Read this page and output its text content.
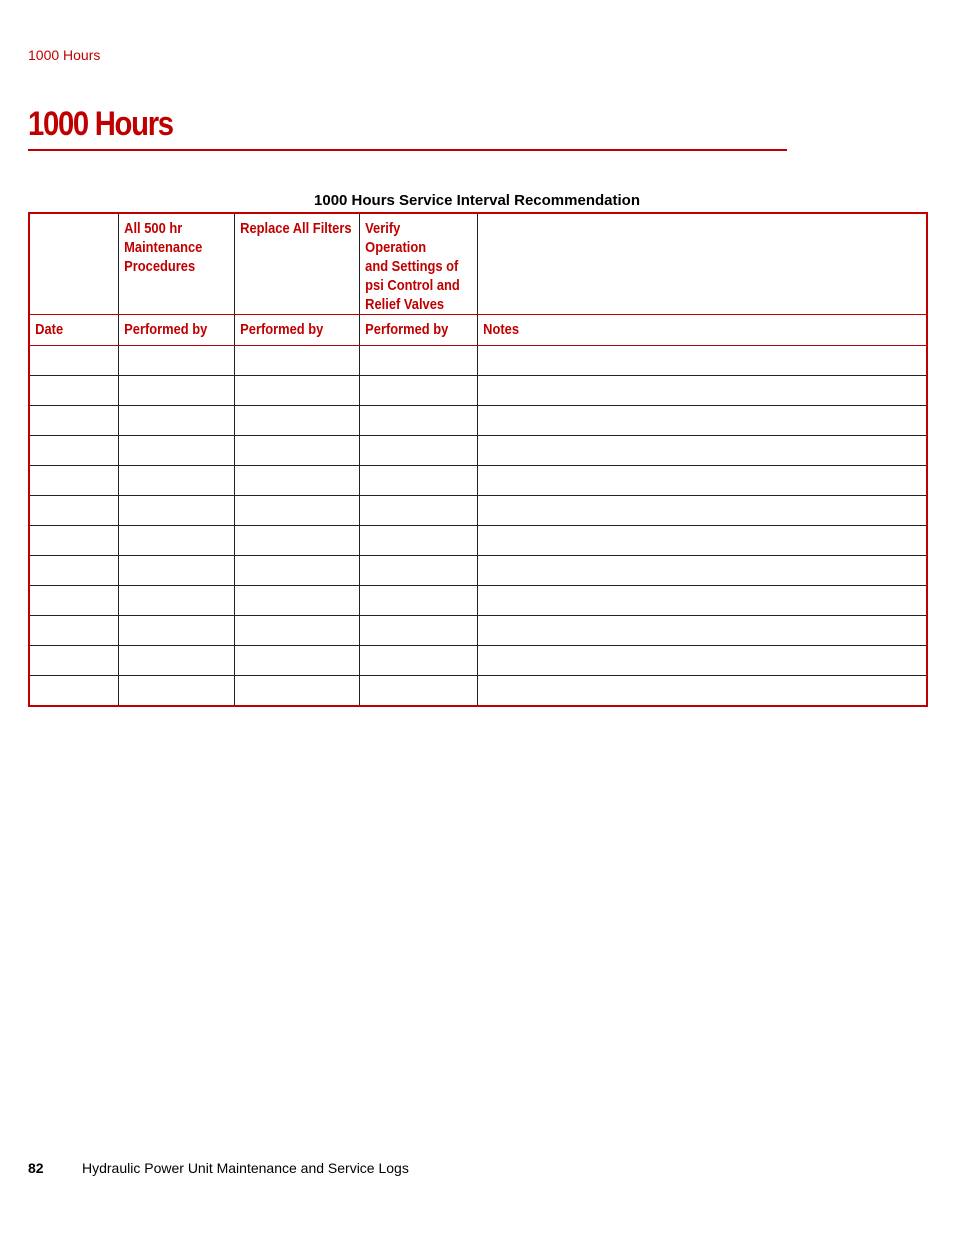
1000 Hours
1000 Hours
1000 Hours Service Interval Recommendation

	All 500 hr
Maintenance
Procedures	Replace All Filters	Verify Operation
and Settings of
psi Control and
Relief Valves	

Date	Performed by	Performed by	Performed by	Notes

82	Hydraulic Power Unit Maintenance and Service Logs
